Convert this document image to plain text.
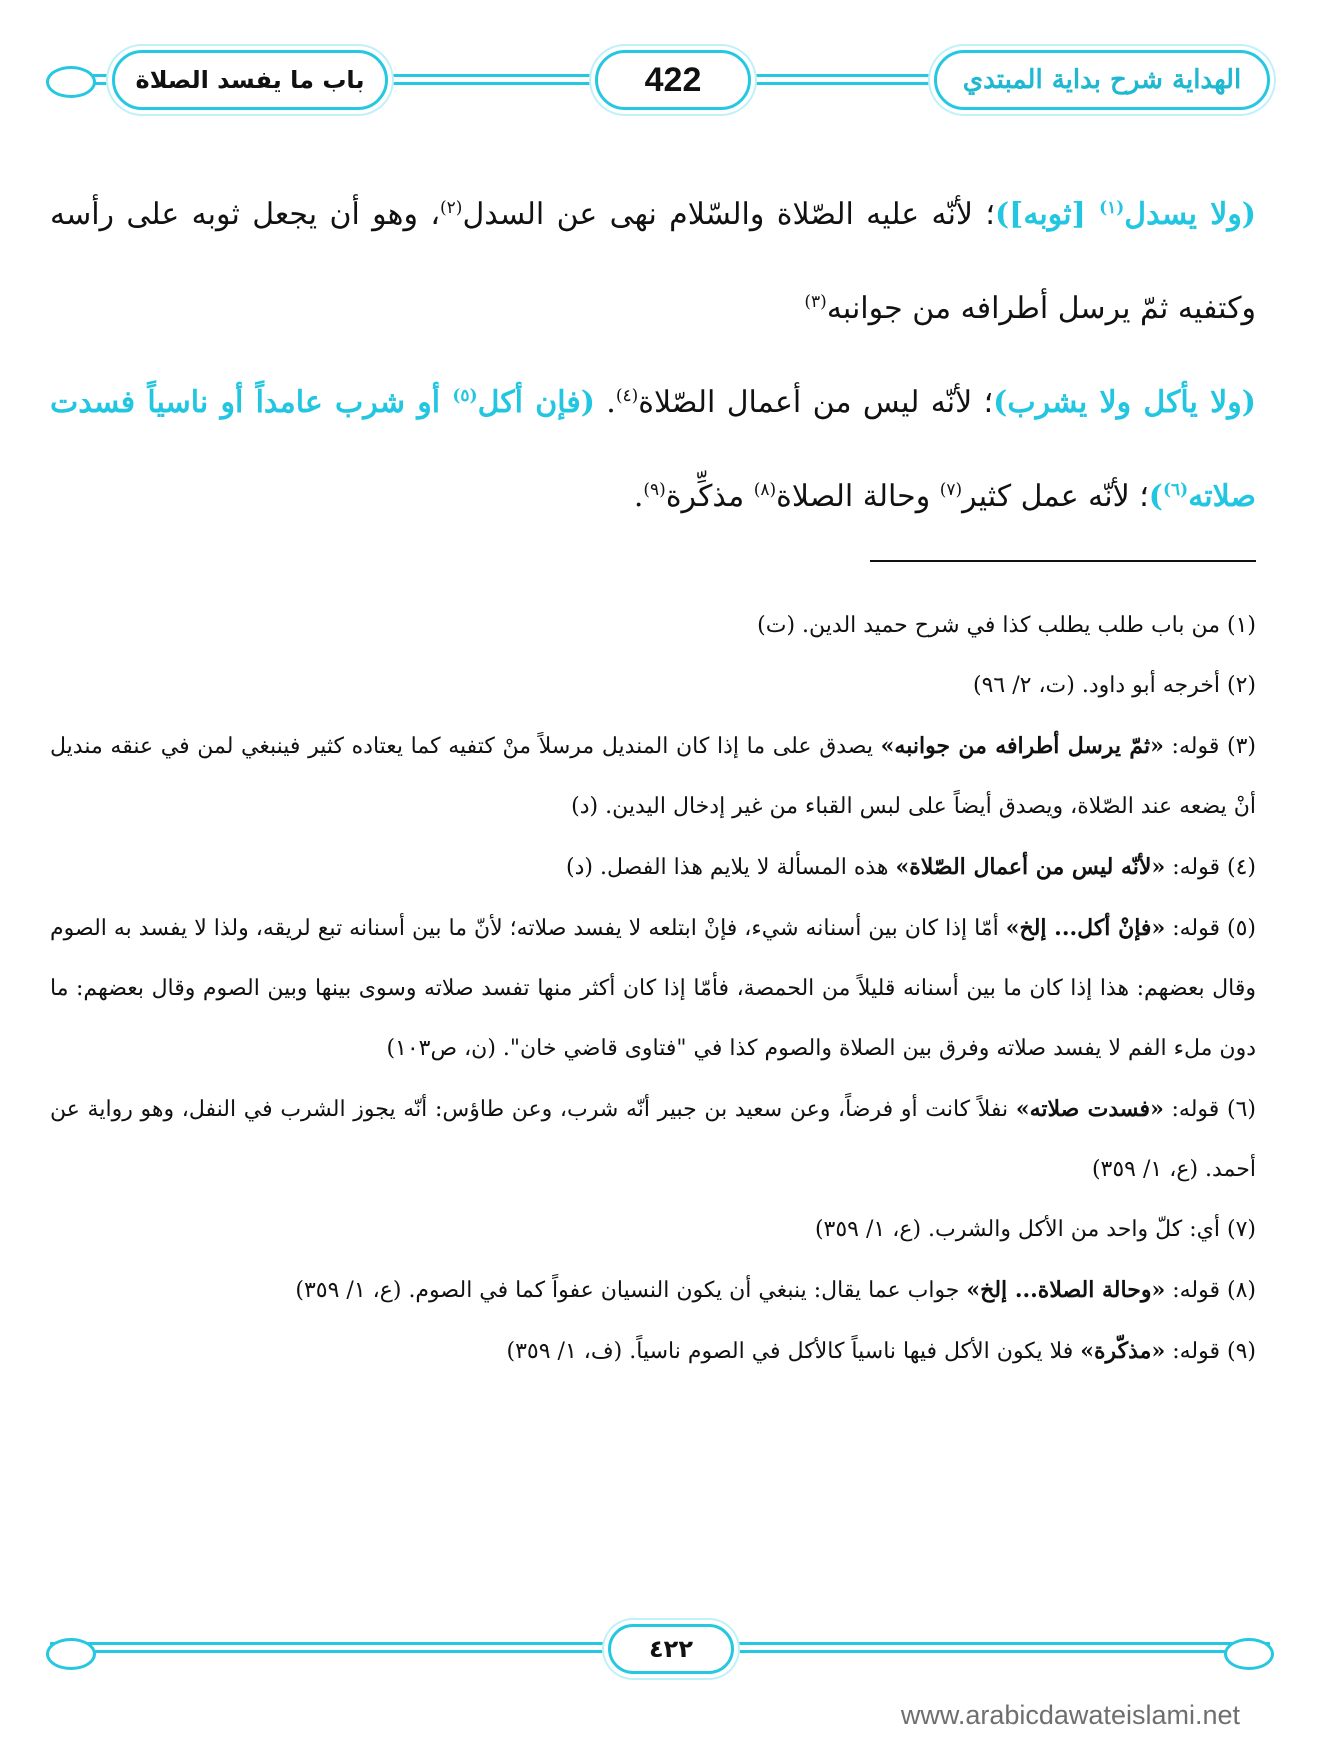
باب ما يفسد الصلاة	422	الهداية شرح بداية المبتدي

(ولا يسدل$^{(١)}$ [ثوبه])؛ لأنّه عليه الصّلاة والسّلام نهى عن السدل$^{(٢)}$، وهو أن يجعل ثوبه على رأسه وكتفيه ثمّ يرسل أطرافه من جوانبه$^{(٣)}$

(ولا يأكل ولا يشرب)؛ لأنّه ليس من أعمال الصّلاة$^{(٤)}$. (فإن أكل$^{(٥)}$ أو شرب عامداً أو ناسياً فسدت صلاته$^{(٦)}$)؛ لأنّه عمل كثير$^{(٧)}$ وحالة الصلاة$^{(٨)}$ مذكِّرة$^{(٩)}$.

(١) من باب طلب يطلب كذا في شرح حميد الدين. (ت)

(٢) أخرجه أبو داود. (ت، ٢/ ٩٦)

(٣) قوله: «ثمّ يرسل أطرافه من جوانبه» يصدق على ما إذا كان المنديل مرسلاً منْ كتفيه كما يعتاده كثير فينبغي لمن في عنقه منديل أنْ يضعه عند الصّلاة، ويصدق أيضاً على لبس القباء من غير إدخال اليدين. (د)

(٤) قوله: «لأنّه ليس من أعمال الصّلاة» هذه المسألة لا يلايم هذا الفصل. (د)

(٥) قوله: «فإنْ أكل... إلخ» أمّا إذا كان بين أسنانه شيء، فإنْ ابتلعه لا يفسد صلاته؛ لأنّ ما بين أسنانه تبع لريقه، ولذا لا يفسد به الصوم وقال بعضهم: هذا إذا كان ما بين أسنانه قليلاً من الحمصة، فأمّا إذا كان أكثر منها تفسد صلاته وسوى بينها وبين الصوم وقال بعضهم: ما دون ملء الفم لا يفسد صلاته وفرق بين الصلاة والصوم كذا في "فتاوى قاضي خان". (ن، ص١٠٣)

(٦) قوله: «فسدت صلاته» نفلاً كانت أو فرضاً، وعن سعيد بن جبير أنّه شرب، وعن طاؤس: أنّه يجوز الشرب في النفل، وهو رواية عن أحمد. (ع، ١/ ٣٥٩)

(٧) أي: كلّ واحد من الأكل والشرب. (ع، ١/ ٣٥٩)

(٨) قوله: «وحالة الصلاة... إلخ» جواب عما يقال: ينبغي أن يكون النسيان عفواً كما في الصوم. (ع، ١/ ٣٥٩)

(٩) قوله: «مذكّرة» فلا يكون الأكل فيها ناسياً كالأكل في الصوم ناسياً. (ف، ١/ ٣٥٩)

٤٢٢
www.arabicdawateislami.net
